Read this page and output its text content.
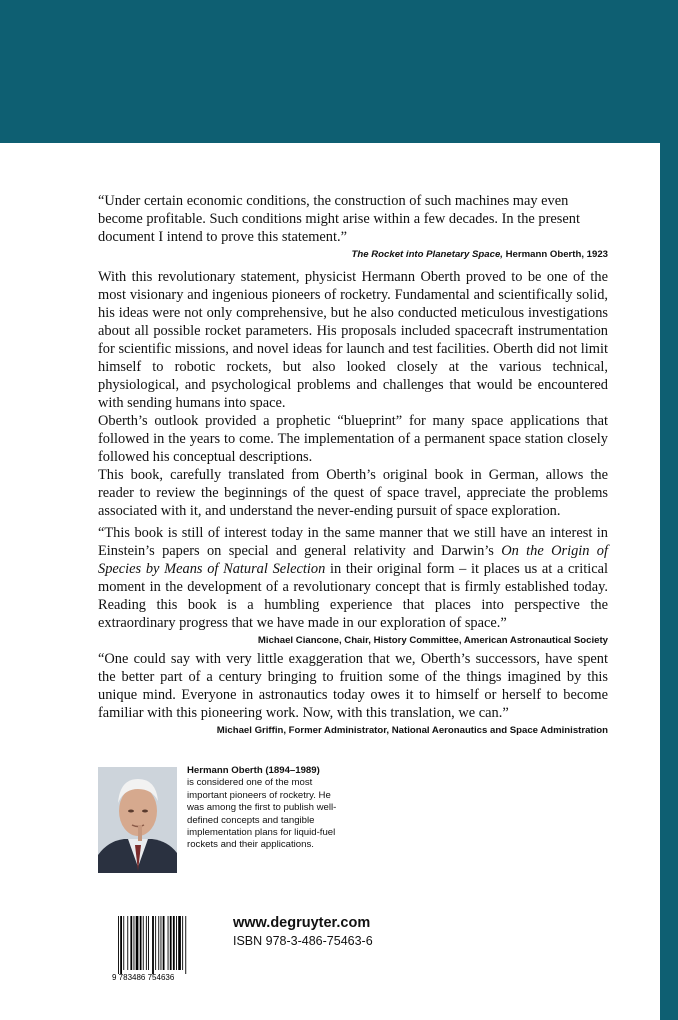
“Under certain economic conditions, the construction of such machines may even become profitable. Such conditions might arise within a few decades. In the present document I intend to prove this statement.”

The Rocket into Planetary Space, Hermann Oberth, 1923

With this revolutionary statement, physicist Hermann Oberth proved to be one of the most visionary and ingenious pioneers of rocketry. Fundamental and scientifically solid, his ideas were not only comprehensive, but he also conducted meticulous investigations about all possible rocket parameters. His proposals included spacecraft instrumentation for scientific missions, and novel ideas for launch and test facilities. Oberth did not limit himself to robotic rockets, but also looked closely at the various technical, physiological, and psychological problems and challenges that would be encountered with sending humans into space.

Oberth’s outlook provided a prophetic “blueprint” for many space applications that followed in the years to come. The implementation of a permanent space station closely followed his conceptual descriptions.

This book, carefully translated from Oberth’s original book in German, allows the reader to review the beginnings of the quest of space travel, appreciate the problems associated with it, and understand the never-ending pursuit of space exploration.

“This book is still of interest today in the same manner that we still have an interest in Einstein’s papers on special and general relativity and Darwin’s On the Origin of Species by Means of Natural Selection in their original form – it places us at a critical moment in the development of a revolutionary concept that is firmly established today. Reading this book is a humbling experience that places into perspective the extraordinary progress that we have made in our exploration of space.”

Michael Ciancone, Chair, History Committee, American Astronautical Society

“One could say with very little exaggeration that we, Oberth’s successors, have spent the better part of a century bringing to fruition some of the things imagined by this unique mind. Everyone in astronautics today owes it to himself or herself to become familiar with this pioneering work. Now, with this translation, we can.”

Michael Griffin, Former Administrator, National Aeronautics and Space Administration
Hermann Oberth (1894–1989)
is considered one of the most important pioneers of rocketry. He was among the first to publish well-defined concepts and tangible implementation plans for liquid-fuel rockets and their applications.
9 783486 754636
www.degruyter.com
ISBN 978-3-486-75463-6
